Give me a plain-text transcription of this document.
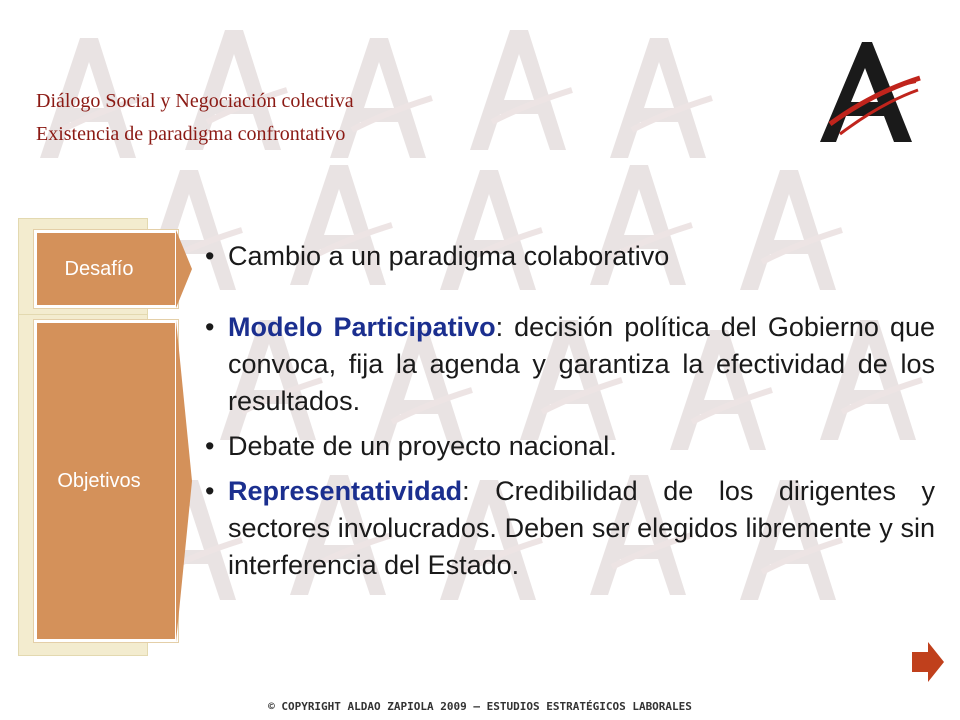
Diálogo Social y Negociación colectiva
Existencia de paradigma confrontativo
Desafío
Objetivos
• Cambio a un paradigma colaborativo
• Modelo Participativo: decisión política del Gobierno que convoca, fija la agenda y garantiza la efectividad de los resultados.
• Debate de un proyecto nacional.
• Representatividad: Credibilidad de los dirigentes y sectores involucrados. Deben ser elegidos libremente y sin interferencia del Estado.
© COPYRIGHT ALDAO ZAPIOLA 2009 – ESTUDIOS ESTRATÉGICOS LABORALES
